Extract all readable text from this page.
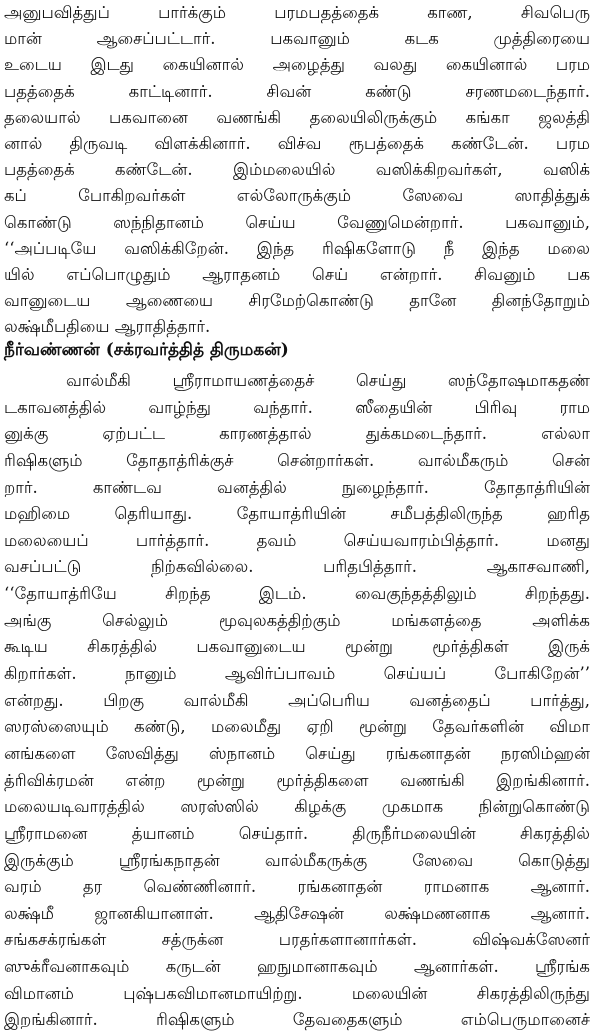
அனுபவித்துப் பார்க்கும் பரமபதத்தைக் காண, சிவபெரு
மான் ஆசைப்பட்டார். பகவானும் கடக முத்திரையை
உடைய இடது கையினால் அழைத்து வலது கையினால் பரம
பதத்தைக் காட்டினார். சிவன் கண்டு சரணமடைந்தார்.
தலையால் பகவானை வணங்கி தலையிலிருக்கும் கங்கா ஜலத்தி
னால் திருவடி விளக்கினார். விச்வ ரூபத்தைக் கண்டேன். பரம
பதத்தைக் கண்டேன். இம்மலையில் வஸிக்கிறவர்கள், வஸிக்
கப் போகிறவர்கள் எல்லோருக்கும் ஸேவை ஸாதித்துக்
கொண்டு ஸந்நிதானம் செய்ய வேணுமென்றார். பகவானும்,
‘‘அப்படியே வஸிக்கிறேன். இந்த ரிஷிகளோடு நீ இந்த மலை
யில் எப்பொழுதும் ஆராதனம் செய் என்றார். சிவனும் பக
வானுடைய ஆணையை சிரமேற்கொண்டு தானே தினந்தோறும்
லக்ஷ்மீபதியை ஆராதித்தார்.
நீர்வண்ணன் (சக்ரவர்த்தித் திருமகன்)
வால்மீகி ஸ்ரீராமாயணத்தைச் செய்து ஸந்தோஷமாகதண்
டகாவனத்தில் வாழ்ந்து வந்தார். ஸீதையின் பிரிவு ராம
னுக்கு ஏற்பட்ட காரணத்தால் துக்கமடைந்தார். எல்லா
ரிஷிகளும் தோதாத்ரிக்குச் சென்றார்கள். வால்மீகரும் சென்
றார். காண்டவ வனத்தில் நுழைந்தார். தோதாத்ரியின்
மஹிமை தெரியாது. தோயாத்ரியின் சமீபத்திலிருந்த ஹரித
மலையைப் பார்த்தார். தவம் செய்யவாரம்பித்தார். மனது
வசப்பட்டு நிற்கவில்லை. பரிதபித்தார். ஆகாசவாணி,
‘‘தோயாத்ரியே சிறந்த இடம். வைகுந்தத்திலும் சிறந்தது.
அங்கு செல்லும் மூவுலகத்திற்கும் மங்களத்தை அளிக்க
கூடிய சிகரத்தில் பகவானுடைய மூன்று மூர்த்திகள் இருக்
கிறார்கள். நானும் ஆவிர்ப்பாவம் செய்யப் போகிறேன்’’
என்றது. பிறகு வால்மீகி அப்பெரிய வனத்தைப் பார்த்து,
ஸரஸ்ஸையும் கண்டு, மலைமீது ஏறி மூன்று தேவர்களின் விமா
னங்களை ஸேவித்து ஸ்நானம் செய்து ரங்கனாதன் நரஸிம்ஹன்
த்ரிவிக்ரமன் என்ற மூன்று மூர்த்திகளை வணங்கி இறங்கினார்.
மலையடிவாரத்தில் ஸரஸ்ஸில் கிழக்கு முகமாக நின்றுகொண்டு
ஸ்ரீராமனை த்யானம் செய்தார். திருநீர்மலையின் சிகரத்தில்
இருக்கும் ஸ்ரீரங்கநாதன் வால்மீகருக்கு ஸேவை கொடுத்து
வரம் தர வெண்ணினார். ரங்கனாதன் ராமனாக ஆனார்.
லக்ஷ்மீ ஜானகியானாள். ஆதிசேஷன் லக்ஷ்மணனாக ஆனார்.
சங்கசக்ரங்கள் சத்ருக்ன பரதர்களானார்கள். விஷ்வக்ஸேனர்
ஸுக்ரீவனாகவும் கருடன் ஹநுமானாகவும் ஆனார்கள். ஸ்ரீரங்க
விமானம் புஷ்பகவிமானமாயிற்று. மலையின் சிகரத்திலிருந்து
இறங்கினார். ரிஷிகளும் தேவதைகளும் எம்பெருமானைச்
